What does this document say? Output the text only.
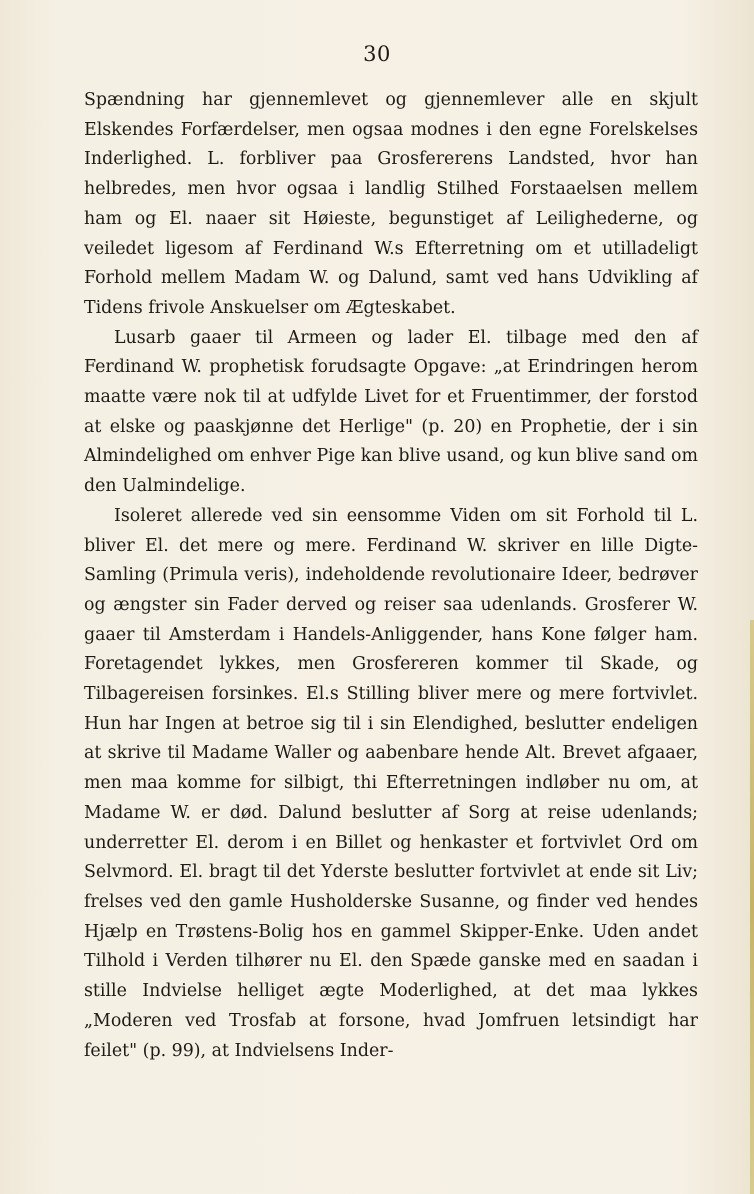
30

Spændning har gjennemlevet og gjennemlever alle en skjult Elskendes Forfærdelser, men ogsaa modnes i den egne Forelskelses Inderlighed. L. forbliver paa Grosfererens Landsted, hvor han helbredes, men hvor ogsaa i landlig Stilhed Forstaaelsen mellem ham og El. naaer sit Høieste, begunstiget af Leilighederne, og veiledet ligesom af Ferdinand W.s Efterretning om et utilladeligt Forhold mellem Madam W. og Dalund, samt ved hans Udvikling af Tidens frivole Anskuelser om Ægteskabet.

Lusarb gaaer til Armeen og lader El. tilbage med den af Ferdinand W. prophetisk forudsagte Opgave: „at Erindringen herom maatte være nok til at udfylde Livet for et Fruentimmer, der forstod at elske og paaskjønne det Herlige" (p. 20) en Prophetie, der i sin Almindelighed om enhver Pige kan blive usand, og kun blive sand om den Ualmindelige.

Isoleret allerede ved sin eensomme Viden om sit Forhold til L. bliver El. det mere og mere. Ferdinand W. skriver en lille Digte-Samling (Primula veris), indeholdende revolutionaire Ideer, bedrøver og ængster sin Fader derved og reiser saa udenlands. Grosferer W. gaaer til Amsterdam i Handels-Anliggender, hans Kone følger ham. Foretagendet lykkes, men Grosfereren kommer til Skade, og Tilbagereisen forsinkes. El.s Stilling bliver mere og mere fortvivlet. Hun har Ingen at betroe sig til i sin Elendighed, beslutter endeligen at skrive til Madame Waller og aabenbare hende Alt. Brevet afgaaer, men maa komme for silbigt, thi Efterretningen indløber nu om, at Madame W. er død. Dalund beslutter af Sorg at reise udenlands; underretter El. derom i en Billet og henkaster et fortvivlet Ord om Selvmord. El. bragt til det Yderste beslutter fortvivlet at ende sit Liv; frelses ved den gamle Husholderske Susanne, og finder ved hendes Hjælp en Trøstens-Bolig hos en gammel Skipper-Enke. Uden andet Tilhold i Verden tilhører nu El. den Spæde ganske med en saadan i stille Indvielse helliget ægte Moderlighed, at det maa lykkes „Moderen ved Trosfab at forsone, hvad Jomfruen letsindigt har feilet" (p. 99), at Indvielsens Inder-
